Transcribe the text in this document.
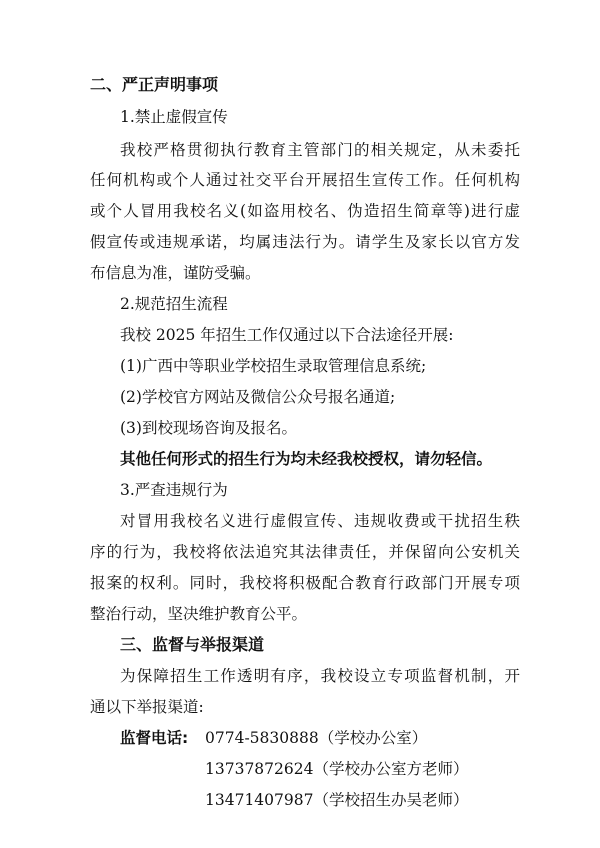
二、严正声明事项
1.禁止虚假宣传
我校严格贯彻执行教育主管部门的相关规定，从未委托
任何机构或个人通过社交平台开展招生宣传工作。任何机构
或个人冒用我校名义(如盗用校名、伪造招生简章等)进行虚
假宣传或违规承诺，均属违法行为。请学生及家长以官方发
布信息为准，谨防受骗。
2.规范招生流程
我校 2025 年招生工作仅通过以下合法途径开展:
(1)广西中等职业学校招生录取管理信息系统;
(2)学校官方网站及微信公众号报名通道;
(3)到校现场咨询及报名。
其他任何形式的招生行为均未经我校授权，请勿轻信。
3.严查违规行为
对冒用我校名义进行虚假宣传、违规收费或干扰招生秩
序的行为，我校将依法追究其法律责任，并保留向公安机关
报案的权利。同时，我校将积极配合教育行政部门开展专项
整治行动，坚决维护教育公平。
三、监督与举报渠道
为保障招生工作透明有序，我校设立专项监督机制，开
通以下举报渠道:
监督电话:	0774-5830888（学校办公室）
13737872624（学校办公室方老师）
13471407987（学校招生办吴老师）
